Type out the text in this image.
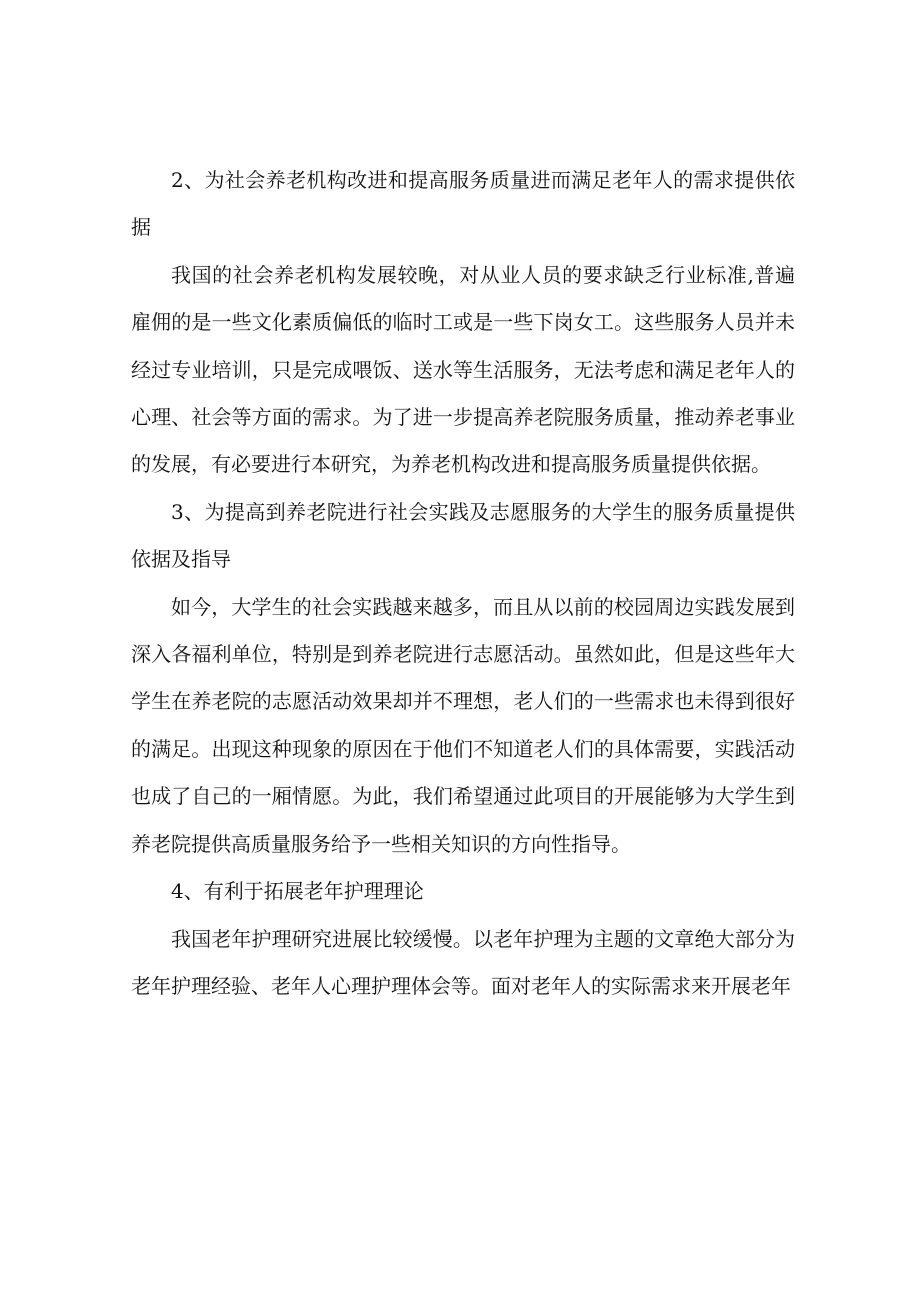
2、为社会养老机构改进和提高服务质量进而满足老年人的需求提供依据

我国的社会养老机构发展较晚，对从业人员的要求缺乏行业标准,普遍雇佣的是一些文化素质偏低的临时工或是一些下岗女工。这些服务人员并未经过专业培训，只是完成喂饭、送水等生活服务，无法考虑和满足老年人的心理、社会等方面的需求。为了进一步提高养老院服务质量，推动养老事业的发展，有必要进行本研究，为养老机构改进和提高服务质量提供依据。

3、为提高到养老院进行社会实践及志愿服务的大学生的服务质量提供依据及指导

如今，大学生的社会实践越来越多，而且从以前的校园周边实践发展到深入各福利单位，特别是到养老院进行志愿活动。虽然如此，但是这些年大学生在养老院的志愿活动效果却并不理想，老人们的一些需求也未得到很好的满足。出现这种现象的原因在于他们不知道老人们的具体需要，实践活动也成了自己的一厢情愿。为此，我们希望通过此项目的开展能够为大学生到养老院提供高质量服务给予一些相关知识的方向性指导。

4、有利于拓展老年护理理论

我国老年护理研究进展比较缓慢。以老年护理为主题的文章绝大部分为老年护理经验、老年人心理护理体会等。面对老年人的实际需求来开展老年
